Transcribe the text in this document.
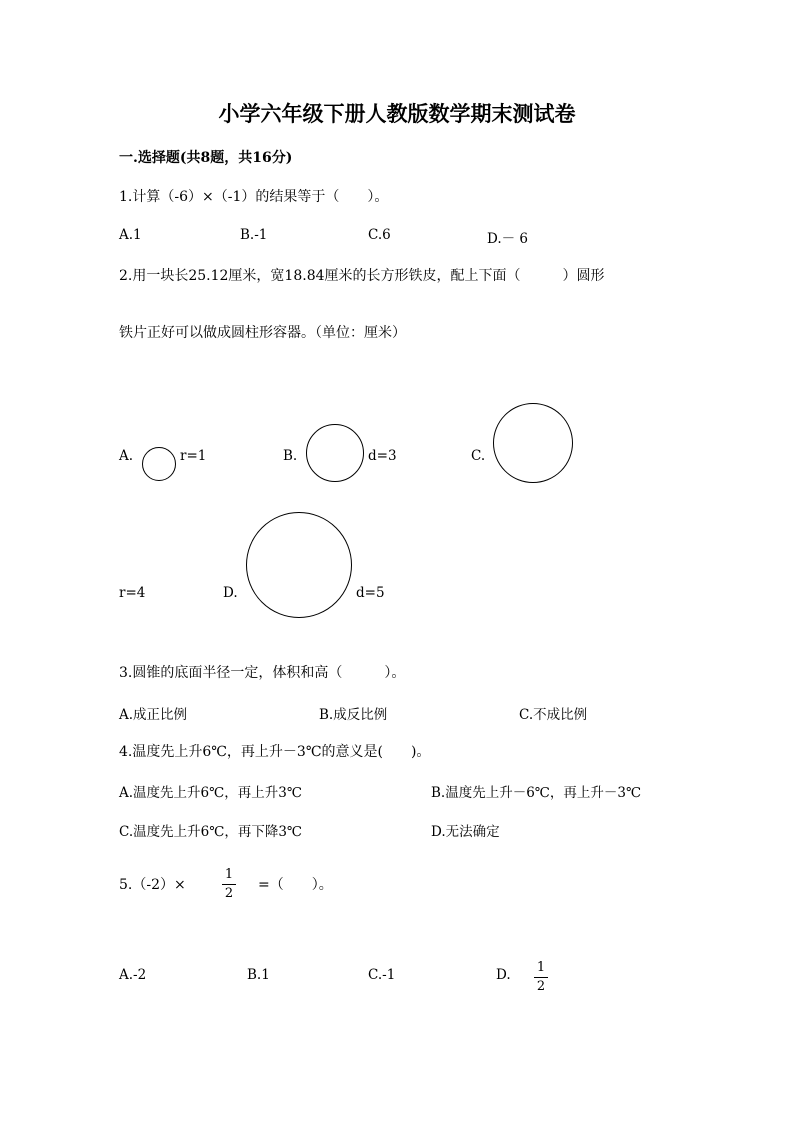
小学六年级下册人教版数学期末测试卷
一.选择题(共8题，共16分)
1.计算（-6）×（-1）的结果等于（　　）。
A.1	B.-1	C.6	D.－ 6
2.用一块长25.12厘米，宽18.84厘米的长方形铁皮，配上下面（　　　）圆形
铁片正好可以做成圆柱形容器。（单位：厘米）
A.	r=1	B.	d=3	C.
r=4	D.	d=5
3.圆锥的底面半径一定，体积和高（　　　）。
A.成正比例	B.成反比例	C.不成比例
4.温度先上升6℃，再上升－3℃的意义是(　　)。
A.温度先上升6℃，再上升3℃	B.温度先上升－6℃，再上升－3℃
C.温度先上升6℃，再下降3℃	D.无法确定
5.（-2）×
1
2
=（　　）。
A.-2	B.1	C.-1	D. 1
2
